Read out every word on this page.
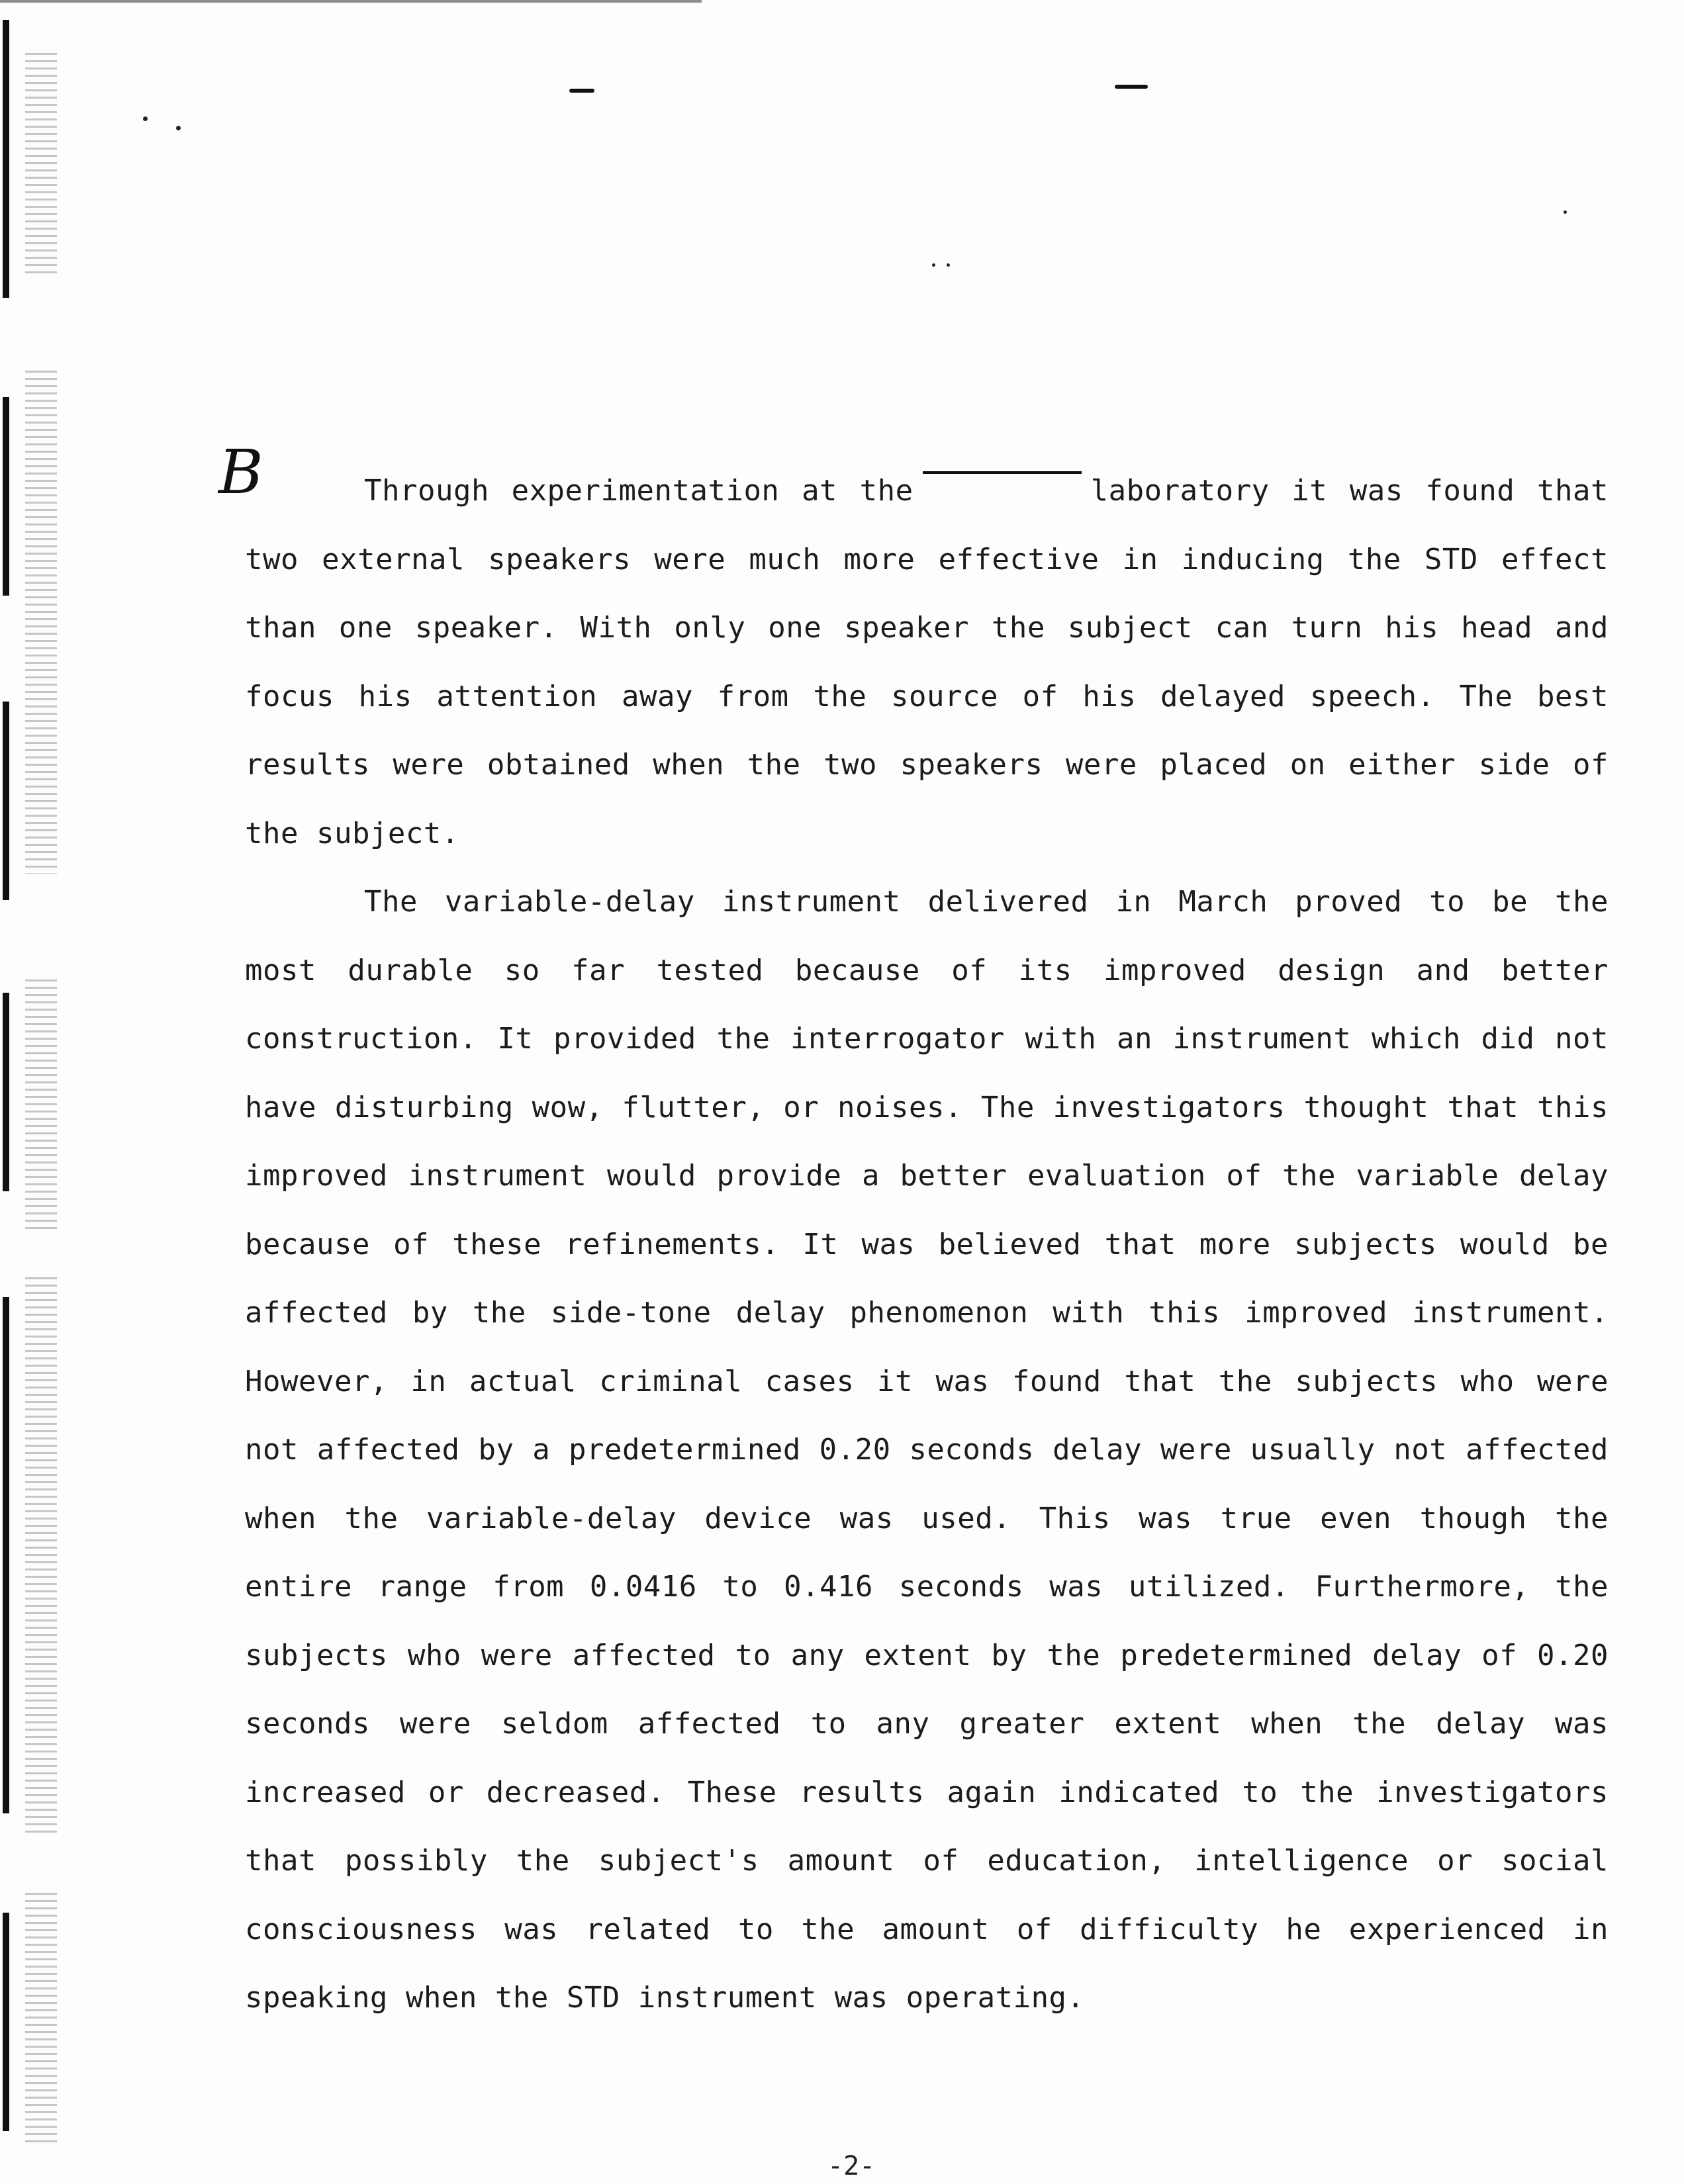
B	Through experimentation at the	laboratory it was found that two external speakers were much more effective in inducing the STD effect than one speaker. With only one speaker the subject can turn his head and focus his attention away from the source of his delayed speech. The best results were obtained when the two speakers were placed on either side of the subject.

The variable-delay instrument delivered in March proved to be the most durable so far tested because of its improved design and better construction. It provided the interrogator with an instrument which did not have disturbing wow, flutter, or noises. The investigators thought that this improved instrument would provide a better evaluation of the variable delay because of these refinements. It was believed that more subjects would be affected by the side-tone delay phenomenon with this improved instrument. However, in actual criminal cases it was found that the subjects who were not affected by a predetermined 0.20 seconds delay were usually not affected when the variable-delay device was used. This was true even though the entire range from 0.0416 to 0.416 seconds was utilized. Furthermore, the subjects who were affected to any extent by the predetermined delay of 0.20 seconds were seldom affected to any greater extent when the delay was increased or decreased. These results again indicated to the investigators that possibly the subject's amount of education, intelligence or social consciousness was related to the amount of difficulty he experienced in speaking when the STD instrument was operating.

-2-
